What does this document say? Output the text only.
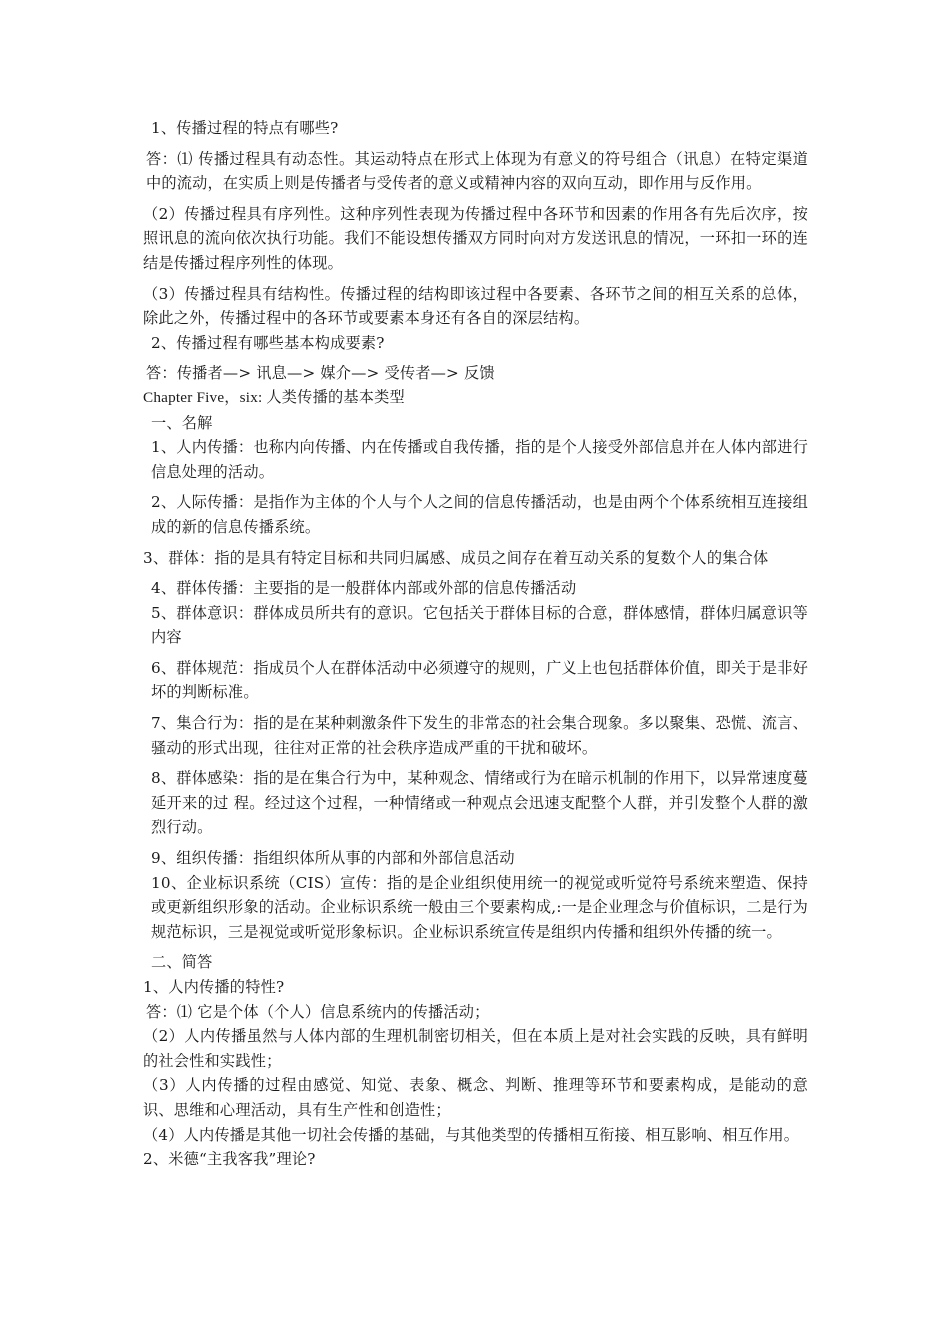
1、传播过程的特点有哪些?

答：⑴ 传播过程具有动态性。其运动特点在形式上体现为有意义的符号组合（讯息）在特定渠道中的流动，在实质上则是传播者与受传者的意义或精神内容的双向互动，即作用与反作用。

（2）传播过程具有序列性。这种序列性表现为传播过程中各环节和因素的作用各有先后次序，按照讯息的流向依次执行功能。我们不能设想传播双方同时向对方发送讯息的情况，一环扣一环的连结是传播过程序列性的体现。

（3）传播过程具有结构性。传播过程的结构即该过程中各要素、各环节之间的相互关系的总体，除此之外，传播过程中的各环节或要素本身还有各自的深层结构。

2、传播过程有哪些基本构成要素?

答：传播者—> 讯息—> 媒介—> 受传者—> 反馈

Chapter Five，six: 人类传播的基本类型

一、名解

1、人内传播：也称内向传播、内在传播或自我传播，指的是个人接受外部信息并在人体内部进行信息处理的活动。

2、人际传播：是指作为主体的个人与个人之间的信息传播活动，也是由两个个体系统相互连接组成的新的信息传播系统。

3、群体：指的是具有特定目标和共同归属感、成员之间存在着互动关系的复数个人的集合体

4、群体传播：主要指的是一般群体内部或外部的信息传播活动

5、群体意识：群体成员所共有的意识。它包括关于群体目标的合意，群体感情，群体归属意识等内容

6、群体规范：指成员个人在群体活动中必须遵守的规则，广义上也包括群体价值，即关于是非好坏的判断标准。

7、集合行为：指的是在某种刺激条件下发生的非常态的社会集合现象。多以聚集、恐慌、流言、骚动的形式出现，往往对正常的社会秩序造成严重的干扰和破坏。

8、群体感染：指的是在集合行为中，某种观念、情绪或行为在暗示机制的作用下，以异常速度蔓延开来的过 程。经过这个过程，一种情绪或一种观点会迅速支配整个人群，并引发整个人群的激烈行动。

9、组织传播：指组织体所从事的内部和外部信息活动

10、企业标识系统（CIS）宣传：指的是企业组织使用统一的视觉或听觉符号系统来塑造、保持或更新组织形象的活动。企业标识系统一般由三个要素构成,:一是企业理念与价值标识，二是行为规范标识，三是视觉或听觉形象标识。企业标识系统宣传是组织内传播和组织外传播的统一。

二、简答

1、人内传播的特性?

答：⑴ 它是个体（个人）信息系统内的传播活动；

（2）人内传播虽然与人体内部的生理机制密切相关，但在本质上是对社会实践的反映，具有鲜明的社会性和实践性；

（3）人内传播的过程由感觉、知觉、表象、概念、判断、推理等环节和要素构成，是能动的意识、思维和心理活动，具有生产性和创造性；

（4）人内传播是其他一切社会传播的基础，与其他类型的传播相互衔接、相互影响、相互作用。

2、米德“主我客我”理论?
